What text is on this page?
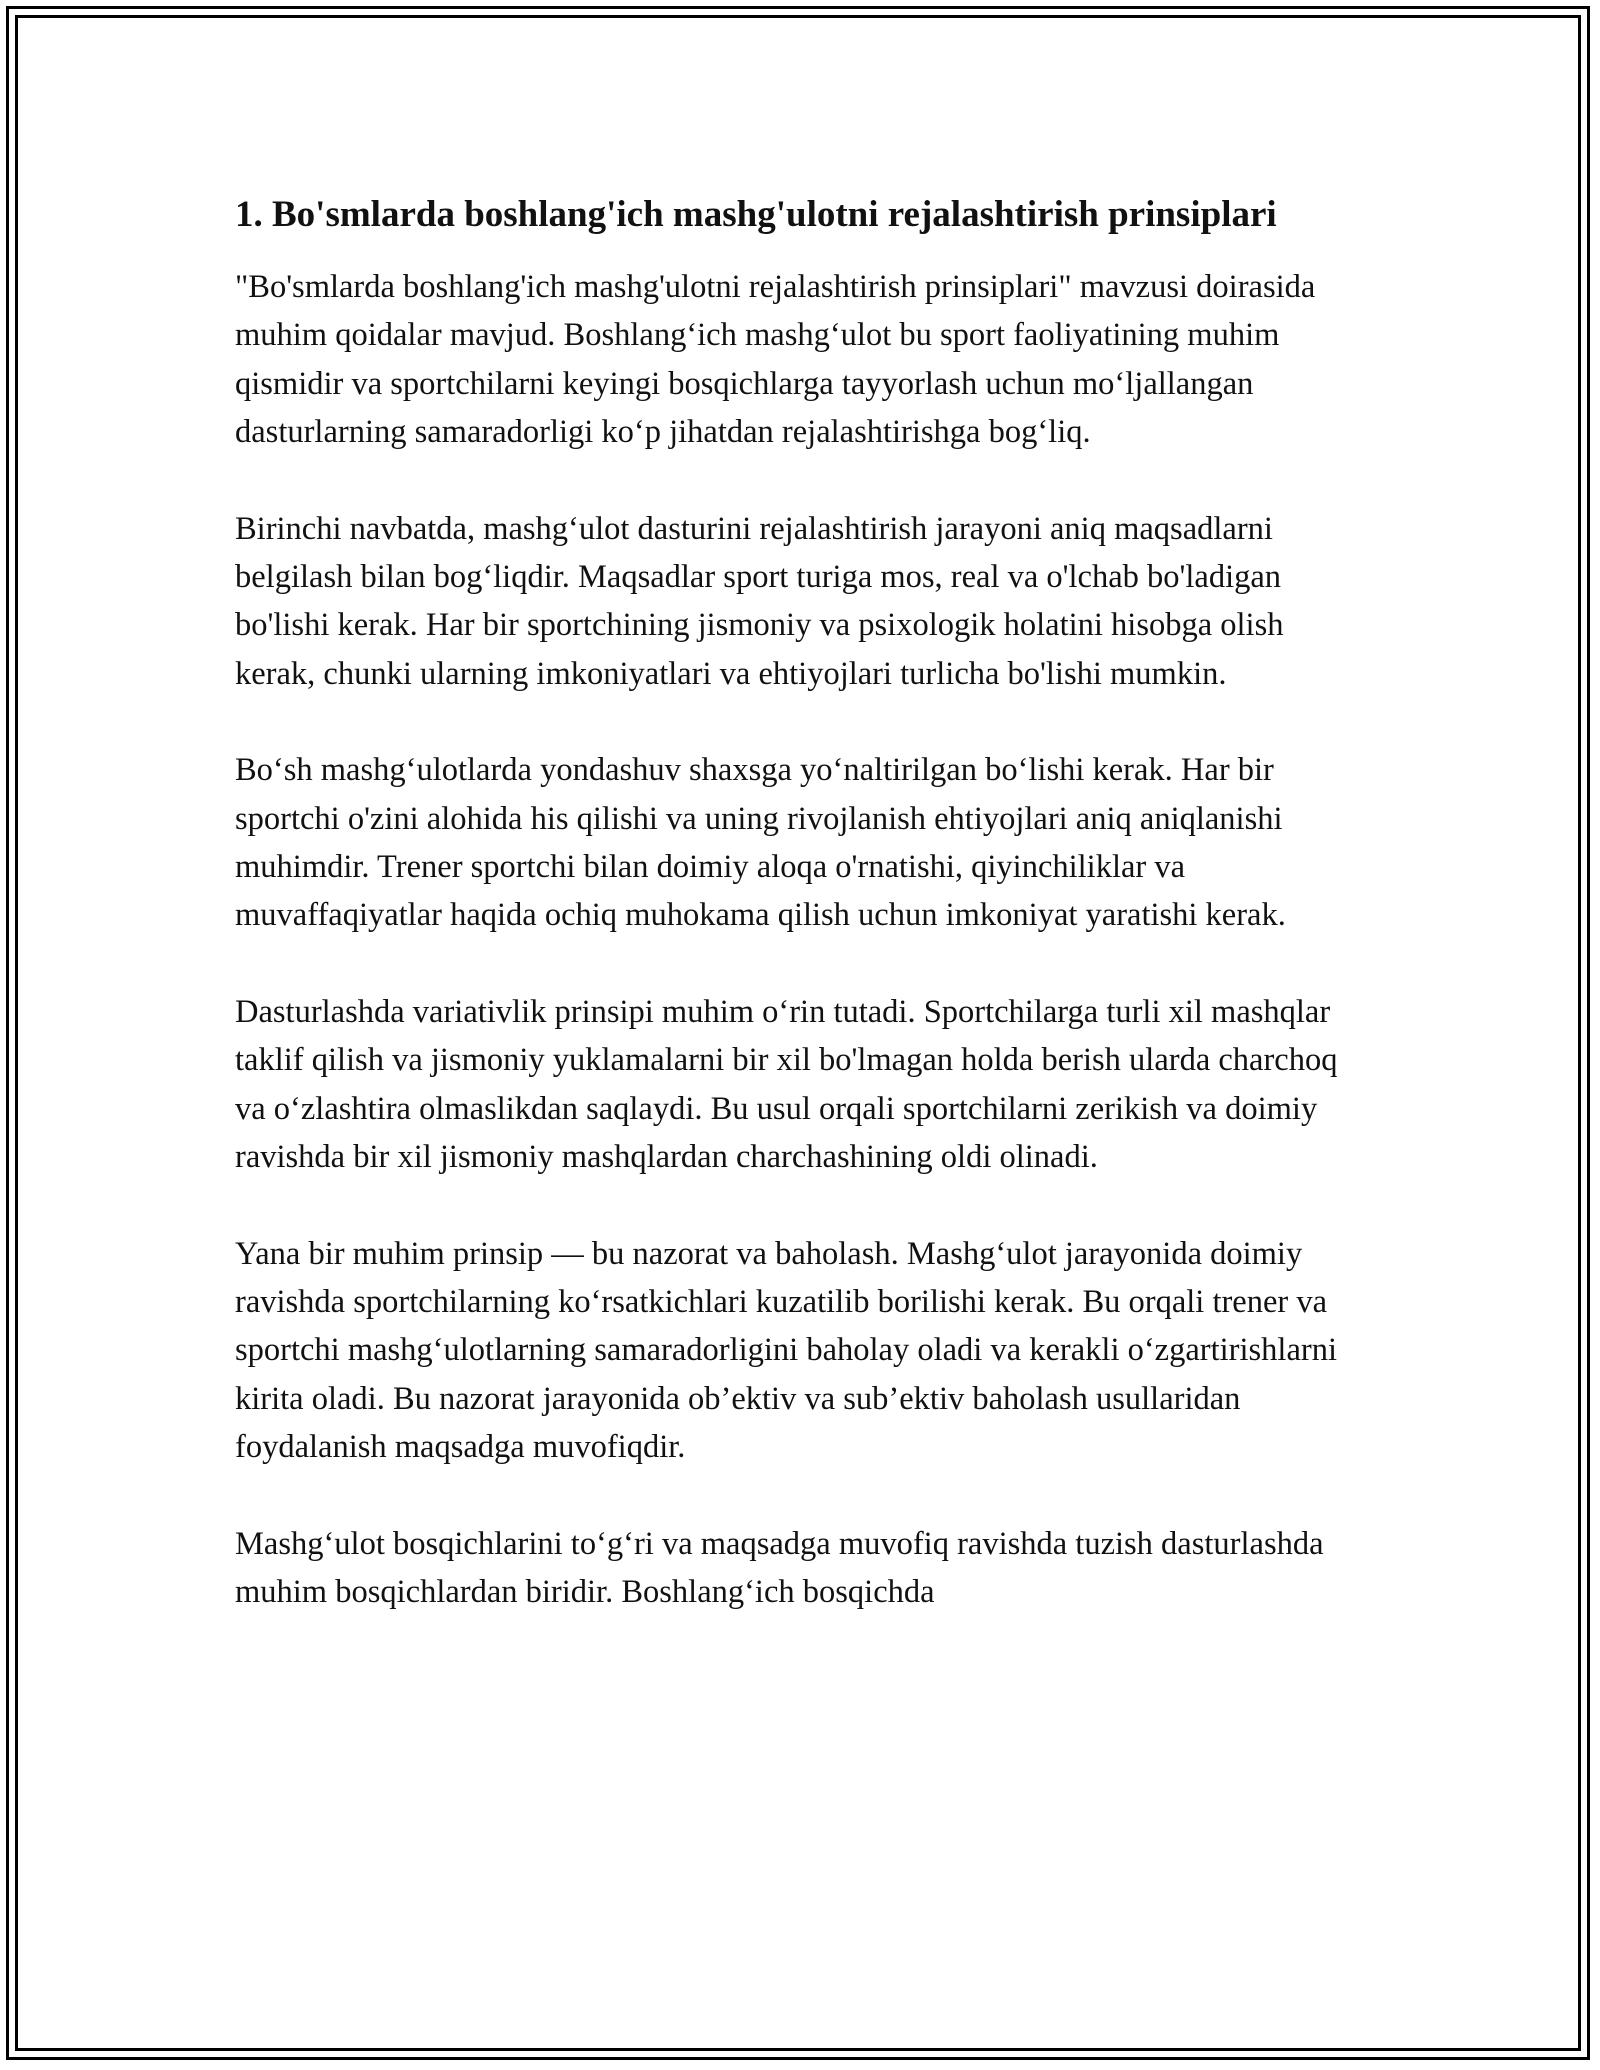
1. Bo'smlarda boshlang'ich mashg'ulotni rejalashtirish prinsiplari

"Bo'smlarda boshlang'ich mashg'ulotni rejalashtirish prinsiplari" mavzusi doirasida muhim qoidalar mavjud. Boshlang‘ich mashg‘ulot bu sport faoliyatining muhim qismidir va sportchilarni keyingi bosqichlarga tayyorlash uchun mo‘ljallangan dasturlarning samaradorligi ko‘p jihatdan rejalashtirishga bog‘liq.

Birinchi navbatda, mashg‘ulot dasturini rejalashtirish jarayoni aniq maqsadlarni belgilash bilan bog‘liqdir. Maqsadlar sport turiga mos, real va o'lchab bo'ladigan bo'lishi kerak. Har bir sportchining jismoniy va psixologik holatini hisobga olish kerak, chunki ularning imkoniyatlari va ehtiyojlari turlicha bo'lishi mumkin.

Bo‘sh mashg‘ulotlarda yondashuv shaxsga yo‘naltirilgan bo‘lishi kerak. Har bir sportchi o'zini alohida his qilishi va uning rivojlanish ehtiyojlari aniq aniqlanishi muhimdir. Trener sportchi bilan doimiy aloqa o'rnatishi, qiyinchiliklar va muvaffaqiyatlar haqida ochiq muhokama qilish uchun imkoniyat yaratishi kerak.

Dasturlashda variativlik prinsipi muhim o‘rin tutadi. Sportchilarga turli xil mashqlar taklif qilish va jismoniy yuklamalarni bir xil bo'lmagan holda berish ularda charchoq va o‘zlashtira olmaslikdan saqlaydi. Bu usul orqali sportchilarni zerikish va doimiy ravishda bir xil jismoniy mashqlardan charchashining oldi olinadi.

Yana bir muhim prinsip — bu nazorat va baholash. Mashg‘ulot jarayonida doimiy ravishda sportchilarning ko‘rsatkichlari kuzatilib borilishi kerak. Bu orqali trener va sportchi mashg‘ulotlarning samaradorligini baholay oladi va kerakli o‘zgartirishlarni kirita oladi. Bu nazorat jarayonida ob’ektiv va sub’ektiv baholash usullaridan foydalanish maqsadga muvofiqdir.

Mashg‘ulot bosqichlarini to‘g‘ri va maqsadga muvofiq ravishda tuzish dasturlashda muhim bosqichlardan biridir. Boshlang‘ich bosqichda
